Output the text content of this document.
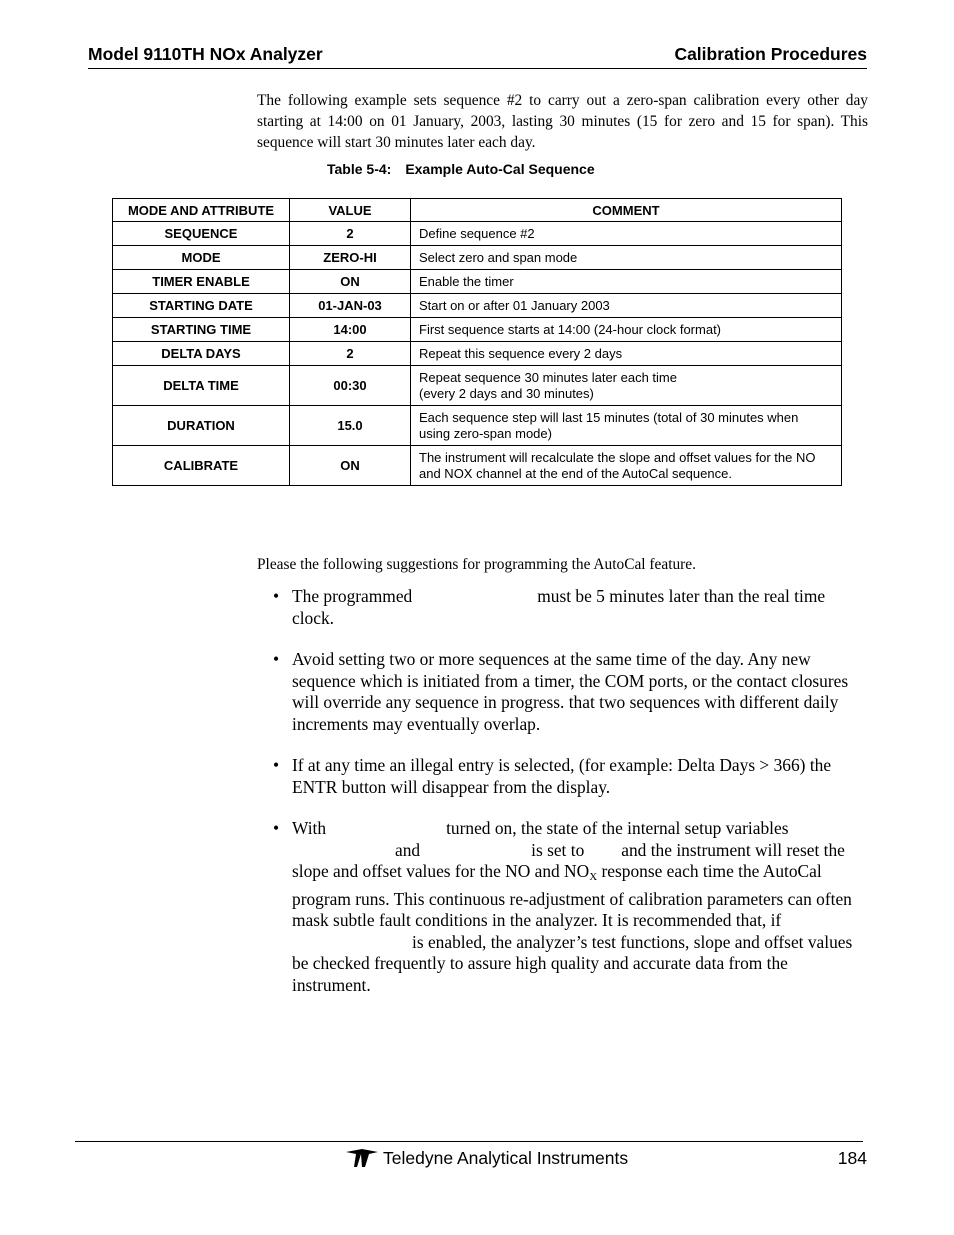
Model 9110TH NOx Analyzer	Calibration Procedures

The following example sets sequence #2 to carry out a zero-span calibration every other day starting at 14:00 on 01 January, 2003, lasting 30 minutes (15 for zero and 15 for span). This sequence will start 30 minutes later each day.

Table 5-4: Example Auto-Cal Sequence
MODE AND ATTRIBUTE	VALUE	COMMENT
SEQUENCE	2	Define sequence #2
MODE	ZERO-HI	Select zero and span mode
TIMER ENABLE	ON	Enable the timer
STARTING DATE	01-JAN-03	Start on or after 01 January 2003
STARTING TIME	14:00	First sequence starts at 14:00 (24-hour clock format)
DELTA DAYS	2	Repeat this sequence every 2 days
DELTA TIME	00:30	Repeat sequence 30 minutes later each time
(every 2 days and 30 minutes)
DURATION	15.0	Each sequence step will last 15 minutes (total of 30 minutes when using zero-span mode)
CALIBRATE	ON	The instrument will recalculate the slope and offset values for the NO and NOX channel at the end of the AutoCal sequence.

Please the following suggestions for programming the AutoCal feature.

• The programmed	must be 5 minutes later than the real time clock.
• Avoid setting two or more sequences at the same time of the day. Any new sequence which is initiated from a timer, the COM ports, or the contact closures will override any sequence in progress. that two sequences with different daily increments may eventually overlap.
• If at any time an illegal entry is selected, (for example: Delta Days > 366) the ENTR button will disappear from the display.
• With	turned on, the state of the internal setup variables
and	is set to and the instrument will reset the slope and offset values for the NO and $NO_X$ response each time the AutoCal program runs. This continuous re-adjustment of calibration parameters can often mask subtle fault conditions in the analyzer. It is recommended that, ifis enabled, the analyzer’s test functions, slope and offset values be checked frequently to assure high quality and accurate data from the instrument.
Teledyne Analytical Instruments	184
